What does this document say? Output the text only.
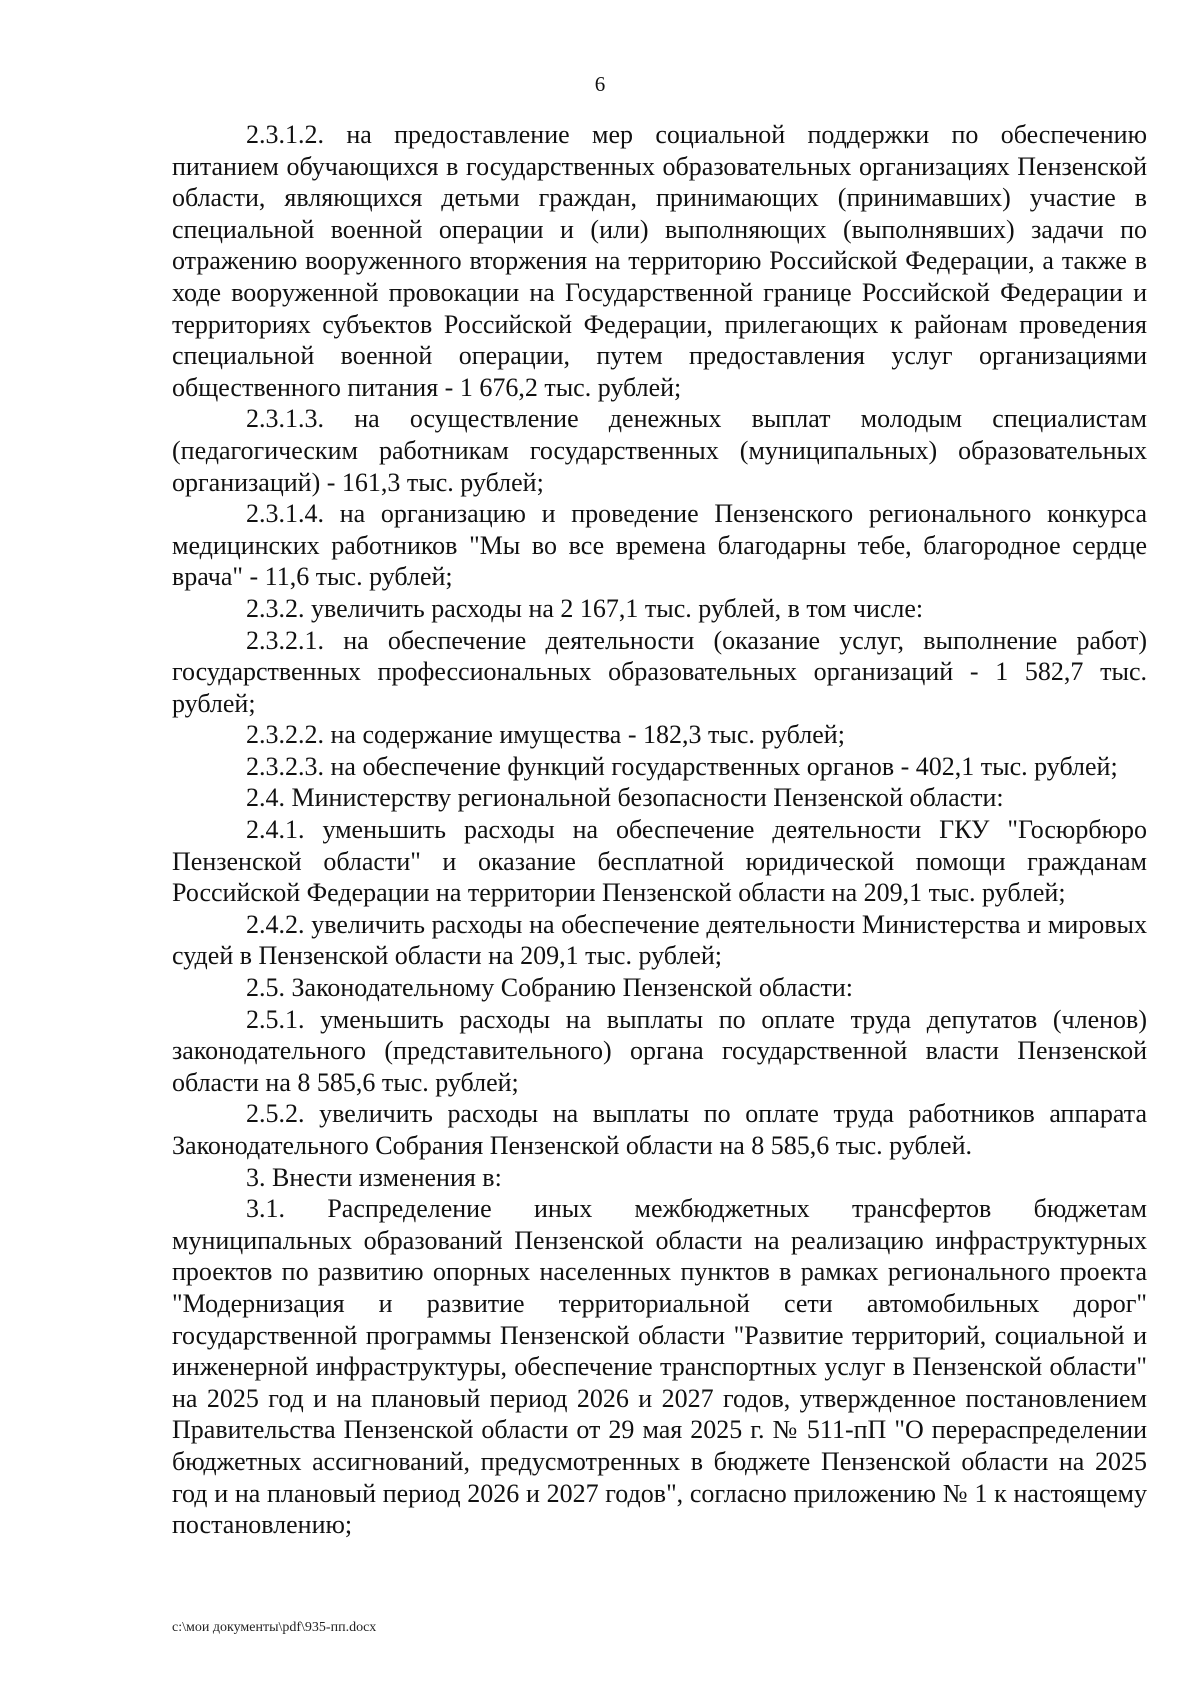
6

2.3.1.2. на предоставление мер социальной поддержки по обеспечению питанием обучающихся в государственных образовательных организациях Пензенской области, являющихся детьми граждан, принимающих (принимавших) участие в специальной военной операции и (или) выполняющих (выполнявших) задачи по отражению вооруженного вторжения на территорию Российской Федерации, а также в ходе вооруженной провокации на Государственной границе Российской Федерации и территориях субъектов Российской Федерации, прилегающих к районам проведения специальной военной операции, путем предоставления услуг организациями общественного питания - 1 676,2 тыс. рублей;

2.3.1.3. на осуществление денежных выплат молодым специалистам (педагогическим работникам государственных (муниципальных) образовательных организаций) - 161,3 тыс. рублей;

2.3.1.4. на организацию и проведение Пензенского регионального конкурса медицинских работников "Мы во все времена благодарны тебе, благородное сердце врача" - 11,6 тыс. рублей;

2.3.2. увеличить расходы на 2 167,1 тыс. рублей, в том числе:

2.3.2.1. на обеспечение деятельности (оказание услуг, выполнение работ) государственных профессиональных образовательных организаций - 1 582,7 тыс. рублей;

2.3.2.2. на содержание имущества - 182,3 тыс. рублей;

2.3.2.3. на обеспечение функций государственных органов - 402,1 тыс. рублей;

2.4. Министерству региональной безопасности Пензенской области:

2.4.1. уменьшить расходы на обеспечение деятельности ГКУ "Госюрбюро Пензенской области" и оказание бесплатной юридической помощи гражданам Российской Федерации на территории Пензенской области на 209,1 тыс. рублей;

2.4.2. увеличить расходы на обеспечение деятельности Министерства и мировых судей в Пензенской области на 209,1 тыс. рублей;

2.5. Законодательному Собранию Пензенской области:

2.5.1. уменьшить расходы на выплаты по оплате труда депутатов (членов) законодательного (представительного) органа государственной власти Пензенской области на 8 585,6 тыс. рублей;

2.5.2. увеличить расходы на выплаты по оплате труда работников аппарата Законодательного Собрания Пензенской области на 8 585,6 тыс. рублей.

3. Внести изменения в:

3.1. Распределение иных межбюджетных трансфертов бюджетам муниципальных образований Пензенской области на реализацию инфраструктурных проектов по развитию опорных населенных пунктов в рамках регионального проекта "Модернизация и развитие территориальной сети автомобильных дорог" государственной программы Пензенской области "Развитие территорий, социальной и инженерной инфраструктуры, обеспечение транспортных услуг в Пензенской области" на 2025 год и на плановый период 2026 и 2027 годов, утвержденное постановлением Правительства Пензенской области от 29 мая 2025 г. № 511-пП "О перераспределении бюджетных ассигнований, предусмотренных в бюджете Пензенской области на 2025 год и на плановый период 2026 и 2027 годов", согласно приложению № 1 к настоящему постановлению;

c:\мои документы\pdf\935-пп.docx
